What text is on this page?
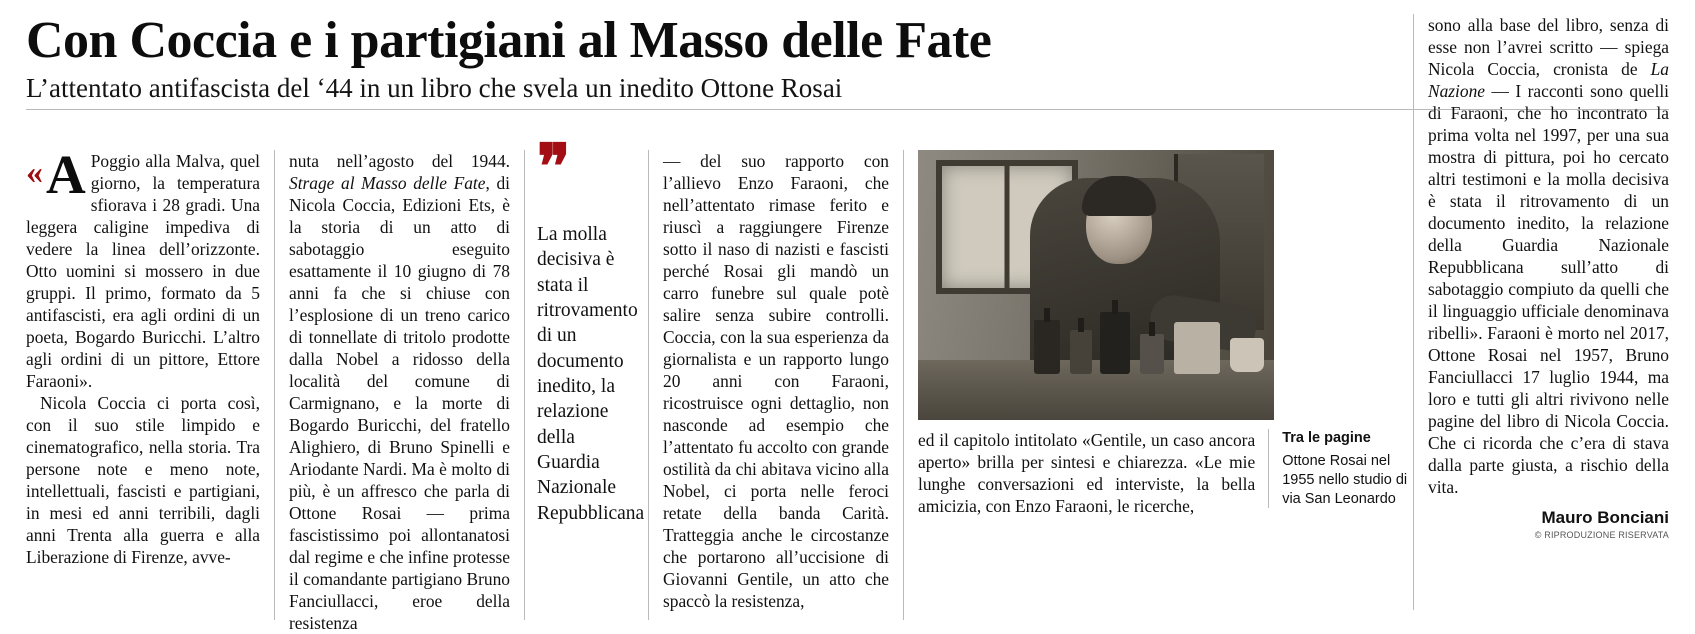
Con Coccia e i partigiani al Masso delle Fate
L’attentato antifascista del ‘44 in un libro che svela un inedito Ottone Rosai

sono alla base del libro, senza di esse non l’avrei scritto — spiega Nicola Coccia, cronista de La Nazione — I racconti sono quelli di Faraoni, che ho incontrato la prima volta nel 1997, per una sua mostra di pittura, poi ho cercato altri testimoni e la molla decisiva è stata il ritrovamento di un documento inedito, la relazione della Guardia Nazionale Repubblicana sull’atto di sabotaggio compiuto da quelli che il linguaggio ufficiale denominava ribelli». Faraoni è morto nel 2017, Ottone Rosai nel 1957, Bruno Fanciullacci 17 luglio 1944, ma loro e tutti gli altri rivivono nelle pagine del libro di Nicola Coccia. Che ci ricorda che c’era di stava dalla parte giusta, a rischio della vita.

Mauro Bonciani
© RIPRODUZIONE RISERVATA

« A Poggio alla Malva, quel giorno, la temperatura sfiorava i 28 gradi. Una leggera caligine impediva di vedere la linea dell’orizzonte. Otto uomini si mossero in due gruppi. Il primo, formato da 5 antifascisti, era agli ordini di un poeta, Bogardo Buricchi. L’altro agli ordini di un pittore, Ettore Faraoni».

Nicola Coccia ci porta così, con il suo stile limpido e cinematografico, nella storia. Tra persone note e meno note, intellettuali, fascisti e partigiani, in mesi ed anni terribili, dagli anni Trenta alla guerra e alla Liberazione di Firenze, avve-

nuta nell’agosto del 1944. Strage al Masso delle Fate, di Nicola Coccia, Edizioni Ets, è la storia di un atto di sabotaggio eseguito esattamente il 10 giugno di 78 anni fa che si chiuse con l’esplosione di un treno carico di tonnellate di tritolo prodotte dalla Nobel a ridosso della località del comune di Carmignano, e la morte di Bogardo Buricchi, del fratello Alighiero, di Bruno Spinelli e Ariodante Nardi. Ma è molto di più, è un affresco che parla di Ottone Rosai — prima fascistissimo poi allontanatosi dal regime e che infine protesse il comandante partigiano Bruno Fanciullacci, eroe della resistenza

❞
La molla decisiva è stata il ritrovamento di un documento inedito, la relazione della Guardia Nazionale Repubblicana

— del suo rapporto con l’allievo Enzo Faraoni, che nell’attentato rimase ferito e riuscì a raggiungere Firenze sotto il naso di nazisti e fascisti perché Rosai gli mandò un carro funebre sul quale potè salire senza subire controlli. Coccia, con la sua esperienza da giornalista e un rapporto lungo 20 anni con Faraoni, ricostruisce ogni dettaglio, non nasconde ad esempio che l’attentato fu accolto con grande ostilità da chi abitava vicino alla Nobel, ci porta nelle feroci retate della banda Carità. Tratteggia anche le circostanze che portarono all’uccisione di Giovanni Gentile, un atto che spaccò la resistenza,

ed il capitolo intitolato «Gentile, un caso ancora aperto» brilla per sintesi e chiarezza. «Le mie lunghe conversazioni ed interviste, la bella amicizia, con Enzo Faraoni, le ricerche,
Tra le pagine
Ottone Rosai nel 1955 nello studio di via San Leonardo
